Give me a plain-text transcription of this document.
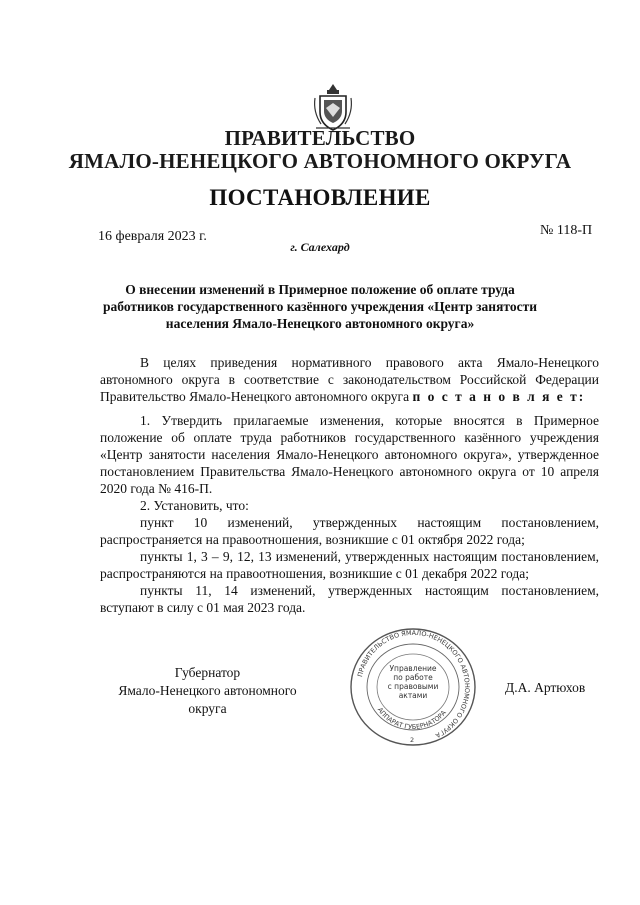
ПРАВИТЕЛЬСТВО
ЯМАЛО-НЕНЕЦКОГО АВТОНОМНОГО ОКРУГА
ПОСТАНОВЛЕНИЕ
16 февраля 2023 г.	№ 118-П
г. Салехард
О внесении изменений в Примерное положение об оплате труда работников государственного казённого учреждения «Центр занятости населения Ямало-Ненецкого автономного округа»

В целях приведения нормативного правового акта Ямало-Ненецкого автономного округа в соответствие с законодательством Российской Федерации Правительство Ямало-Ненецкого автономного округа п о с т а н о в л я е т:

1. Утвердить прилагаемые изменения, которые вносятся в Примерное положение об оплате труда работников государственного казённого учреждения «Центр занятости населения Ямало-Ненецкого автономного округа», утвержденное постановлением Правительства Ямало-Ненецкого автономного округа от 10 апреля 2020 года № 416-П.

2. Установить, что:

пункт 10 изменений, утвержденных настоящим постановлением, распространяется на правоотношения, возникшие с 01 октября 2022 года;

пункты 1, 3 – 9, 12, 13 изменений, утвержденных настоящим постановлением, распространяются на правоотношения, возникшие с 01 декабря 2022 года;

пункты 11, 14 изменений, утвержденных настоящим постановлением, вступают в силу с 01 мая 2023 года.

Губернатор
Ямало-Ненецкого автономного округа
ПРАВИТЕЛЬСТВО ЯМАЛО-НЕНЕЦКОГО АВТОНОМНОГО ОКРУГА
АППАРАТ ГУБЕРНАТОРА
2
Управление
по работе
с правовыми
актами
Д.А. Артюхов
